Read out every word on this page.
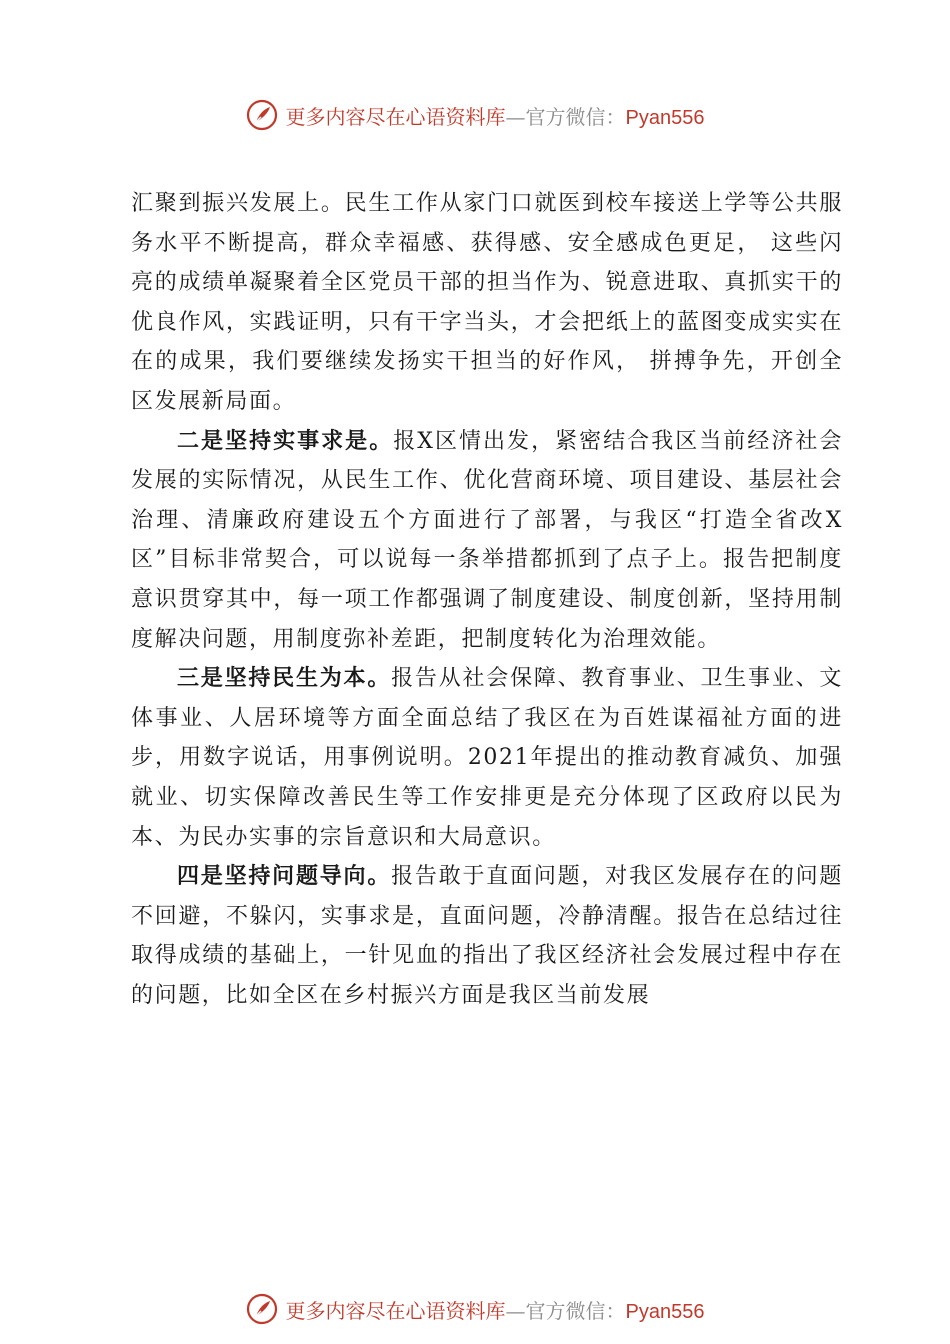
更多内容尽在心语资料库 — 官方微信： Pyan556

汇聚到振兴发展上。民生工作从家门口就医到校车接送上学等公共服务水平不断提高，群众幸福感、获得感、安全感成色更足， 这些闪亮的成绩单凝聚着全区党员干部的担当作为、锐意进取、真抓实干的优良作风，实践证明，只有干字当头，才会把纸上的蓝图变成实实在在的成果，我们要继续发扬实干担当的好作风， 拼搏争先，开创全区发展新局面。

二是坚持实事求是。报X区情出发，紧密结合我区当前经济社会发展的实际情况，从民生工作、优化营商环境、项目建设、基层社会治理、清廉政府建设五个方面进行了部署，与我区“打造全省改X区”目标非常契合，可以说每一条举措都抓到了点子上。报告把制度意识贯穿其中，每一项工作都强调了制度建设、制度创新，坚持用制度解决问题，用制度弥补差距，把制度转化为治理效能。

三是坚持民生为本。报告从社会保障、教育事业、卫生事业、文体事业、人居环境等方面全面总结了我区在为百姓谋福祉方面的进步，用数字说话，用事例说明。2021年提出的推动教育减负、加强就业、切实保障改善民生等工作安排更是充分体现了区政府以民为本、为民办实事的宗旨意识和大局意识。

四是坚持问题导向。报告敢于直面问题，对我区发展存在的问题不回避，不躲闪，实事求是，直面问题，冷静清醒。报告在总结过往取得成绩的基础上，一针见血的指出了我区经济社会发展过程中存在的问题，比如全区在乡村振兴方面是我区当前发展

更多内容尽在心语资料库 — 官方微信： Pyan556
